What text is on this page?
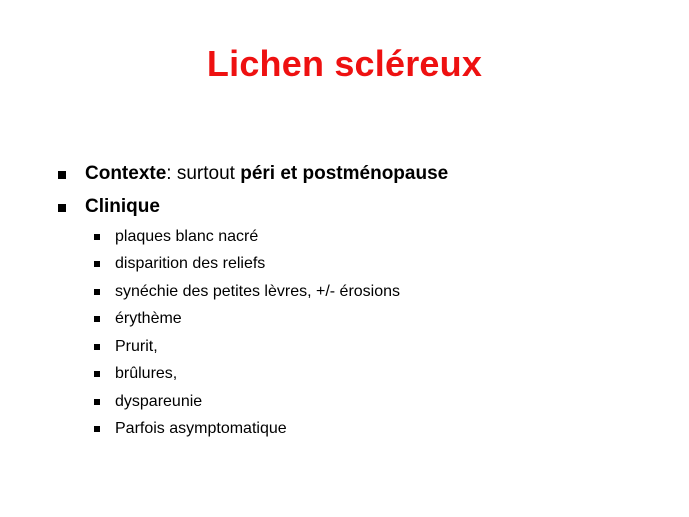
Lichen scléreux
Contexte: surtout péri et postménopause
Clinique
plaques blanc nacré
disparition des reliefs
synéchie des petites lèvres, +/- érosions
érythème
Prurit,
brûlures,
dyspareunie
Parfois asymptomatique
